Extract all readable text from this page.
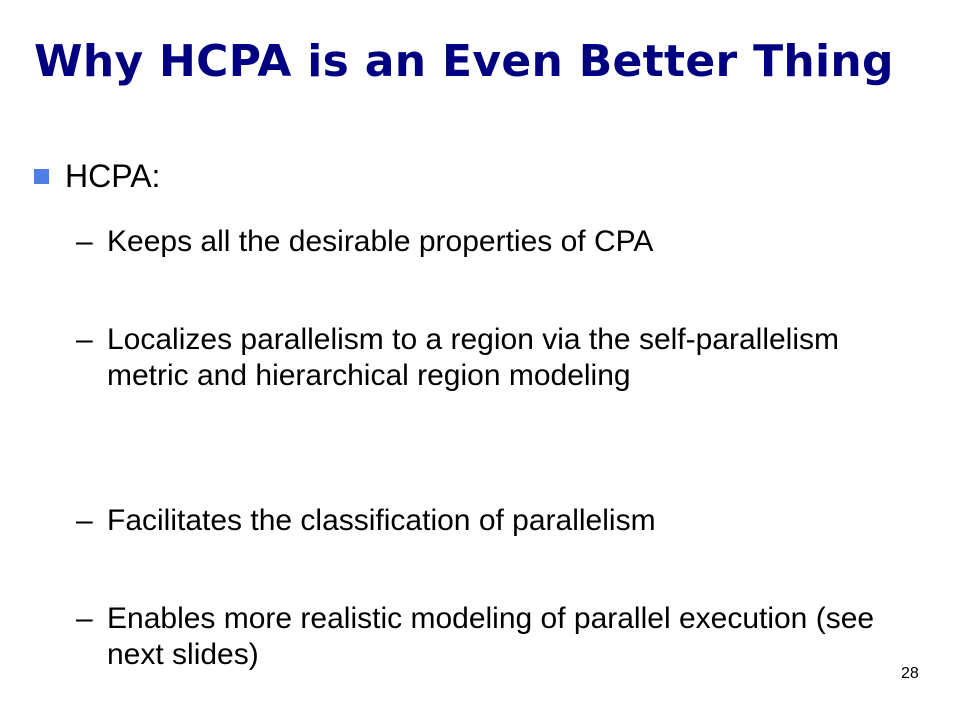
Why HCPA is an Even Better Thing
HCPA:
– Keeps all the desirable properties of CPA
– Localizes parallelism to a region via the self-parallelism metric and hierarchical region modeling
– Facilitates the classification of parallelism
– Enables more realistic modeling of parallel execution (see next slides)
28
